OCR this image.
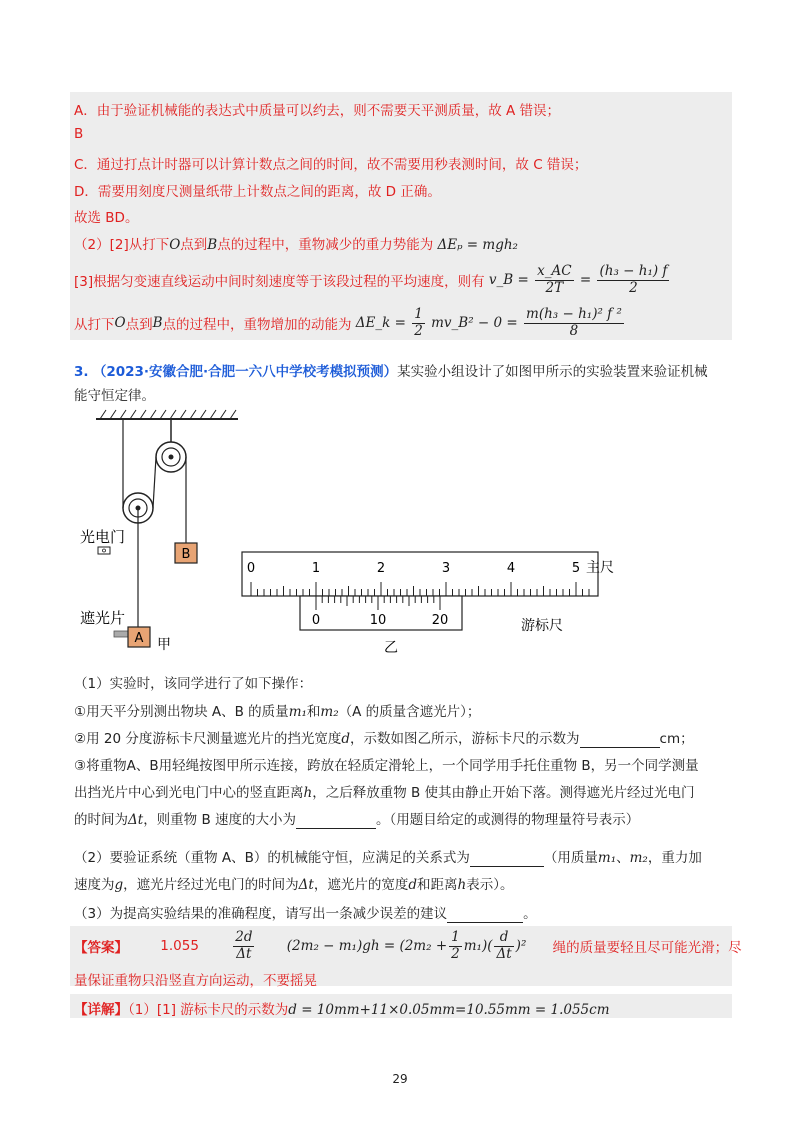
A．由于验证机械能的表达式中质量可以约去，则不需要天平测质量，故 A 错误；
B
C．通过打点计时器可以计算计数点之间的时间，故不需要用秒表测时间，故 C 错误；
D．需要用刻度尺测量纸带上计数点之间的距离，故 D 正确。
故选 BD。
（2）[2]从打下O点到B点的过程中，重物减少的重力势能为 ΔEₚ = mgh₂
[3]根据匀变速直线运动中间时刻速度等于该段过程的平均速度，则有 v_B = $\frac{x\_AC}{2T} = \frac{\text{(h₃ − h₁) f}}{2}$
从打下O点到B点的过程中，重物增加的动能为 ΔE_k = $\frac{1}{2}$ mv_B² − $0 = \frac{\text{m(h₃ − h₁)² f ²}}{8}$
3. （2023·安徽合肥·合肥一六八中学校考模拟预测）某实验小组设计了如图甲所示的实验装置来验证机械
能守恒定律。
B
光电门
遮光片
A 甲
0	1	2	3	4	5 主尺
0	10	20	游标尺
乙
（1）实验时，该同学进行了如下操作：
①用天平分别测出物块 A、B 的质量m₁和m₂（A 的质量含遮光片）；
②用 20 分度游标卡尺测量遮光片的挡光宽度d，示数如图乙所示，游标卡尺的示数为	cm；
③将重物A、B用轻绳按图甲所示连接，跨放在轻质定滑轮上，一个同学用手托住重物 B，另一个同学测量
出挡光片中心到光电门中心的竖直距离h，之后释放重物 B 使其由静止开始下落。测得遮光片经过光电门
的时间为Δt，则重物 B 速度的大小为	。（用题目给定的或测得的物理量符号表示）
（2）要验证系统（重物 A、B）的机械能守恒，应满足的关系式为	（用质量m₁、m₂，重力加
速度为g，遮光片经过光电门的时间为Δt，遮光片的宽度d和距离h表示）。
（3）为提高实验结果的准确程度，请写出一条减少误差的建议	。
【答案】 1.055	$\frac{2d}{\Delta t} (2m_2 - m_1)gh = (2m_2 + \frac{1}{2} m_1)( \frac{d}{\Delta t} )^2$ 绳的质量要轻且尽可能光滑；尽
量保证重物只沿竖直方向运动，不要摇晃
【详解】（1）[1] 游标卡尺的示数为d = 10mm+11×0.05mm=10.55mm = 1.055cm
29
